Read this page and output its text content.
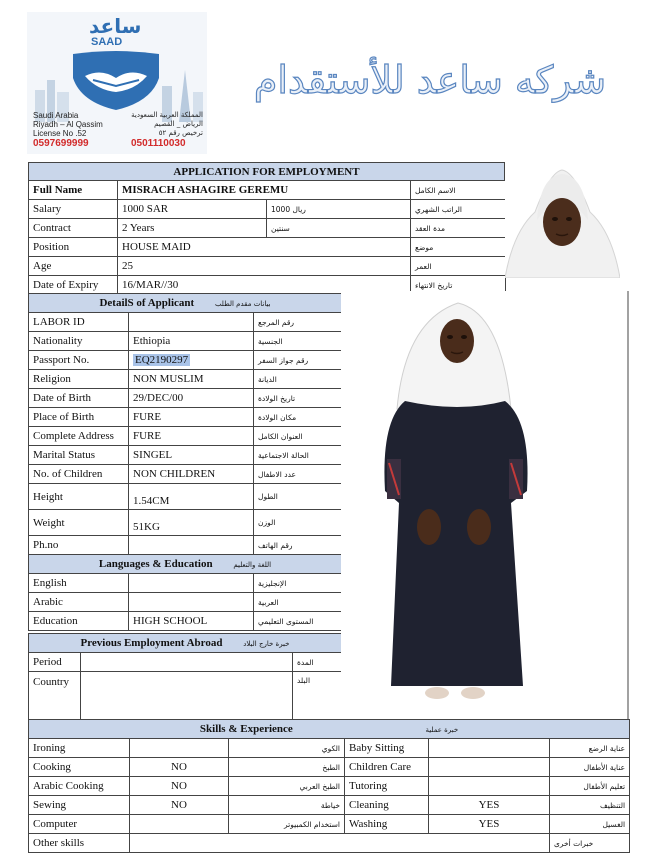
ساعد
SAAD
Saudi Arabia
Riyadh – Al Qassim
License No .52
0597699999
المملكة العربية السعودية
الرياض _ القصيم
ترخيص رقم ٥٢
0501110030
شركه ساعد للأستقدام
APPLICATION FOR EMPLOYMENT
Full Name	MISRACH ASHAGIRE GEREMU		الاسم الكامل
Salary	1000 SAR	ريال 1000	الراتب الشهري
Contract	2 Years	سنتين	مدة العقد
Position	HOUSE MAID		موضع
Age	25		العمر
Date of Expiry	16/MAR//30		تاريخ الانتهاء
DetailS of Applicant بيانات مقدم الطلب		
LABOR ID		رقم المرجع
Nationality	Ethiopia	الجنسية
Passport No.	EQ2190297	رقم جواز السفر
Religion	NON MUSLIM	الديانة
Date of Birth	29/DEC/00	تاريخ الولادة
Place of Birth	FURE	مكان الولادة
Complete Address	FURE	العنوان الكامل
Marital Status	SINGEL	الحالة الاجتماعية
No. of Children	NON CHILDREN	عدد الاطفال
Height	1.54CM	الطول
Weight	51KG	الوزن
Ph.no		رقم الهاتف
Languages & Education اللغة والتعليم		
English		الإنجليزية
Arabic		العربية
Education	HIGH SCHOOL	المستوى التعليمي
Previous Employment Abroad خبرة خارج البلاد		
Period		المدة
Country		البلد
Skills & Experience خبرة عملية					
Ironing		الكوي	Baby Sitting		عناية الرضع
Cooking	NO	الطبخ	Children Care		عناية الأطفال
Arabic Cooking	NO	الطبخ العربي	Tutoring		تعليم الأطفال
Sewing	NO	خياطة	Cleaning	YES	التنظيف
Computer		استخدام الكمبيوتر	Washing	YES	الغسيل
Other skills					خبرات أخرى
